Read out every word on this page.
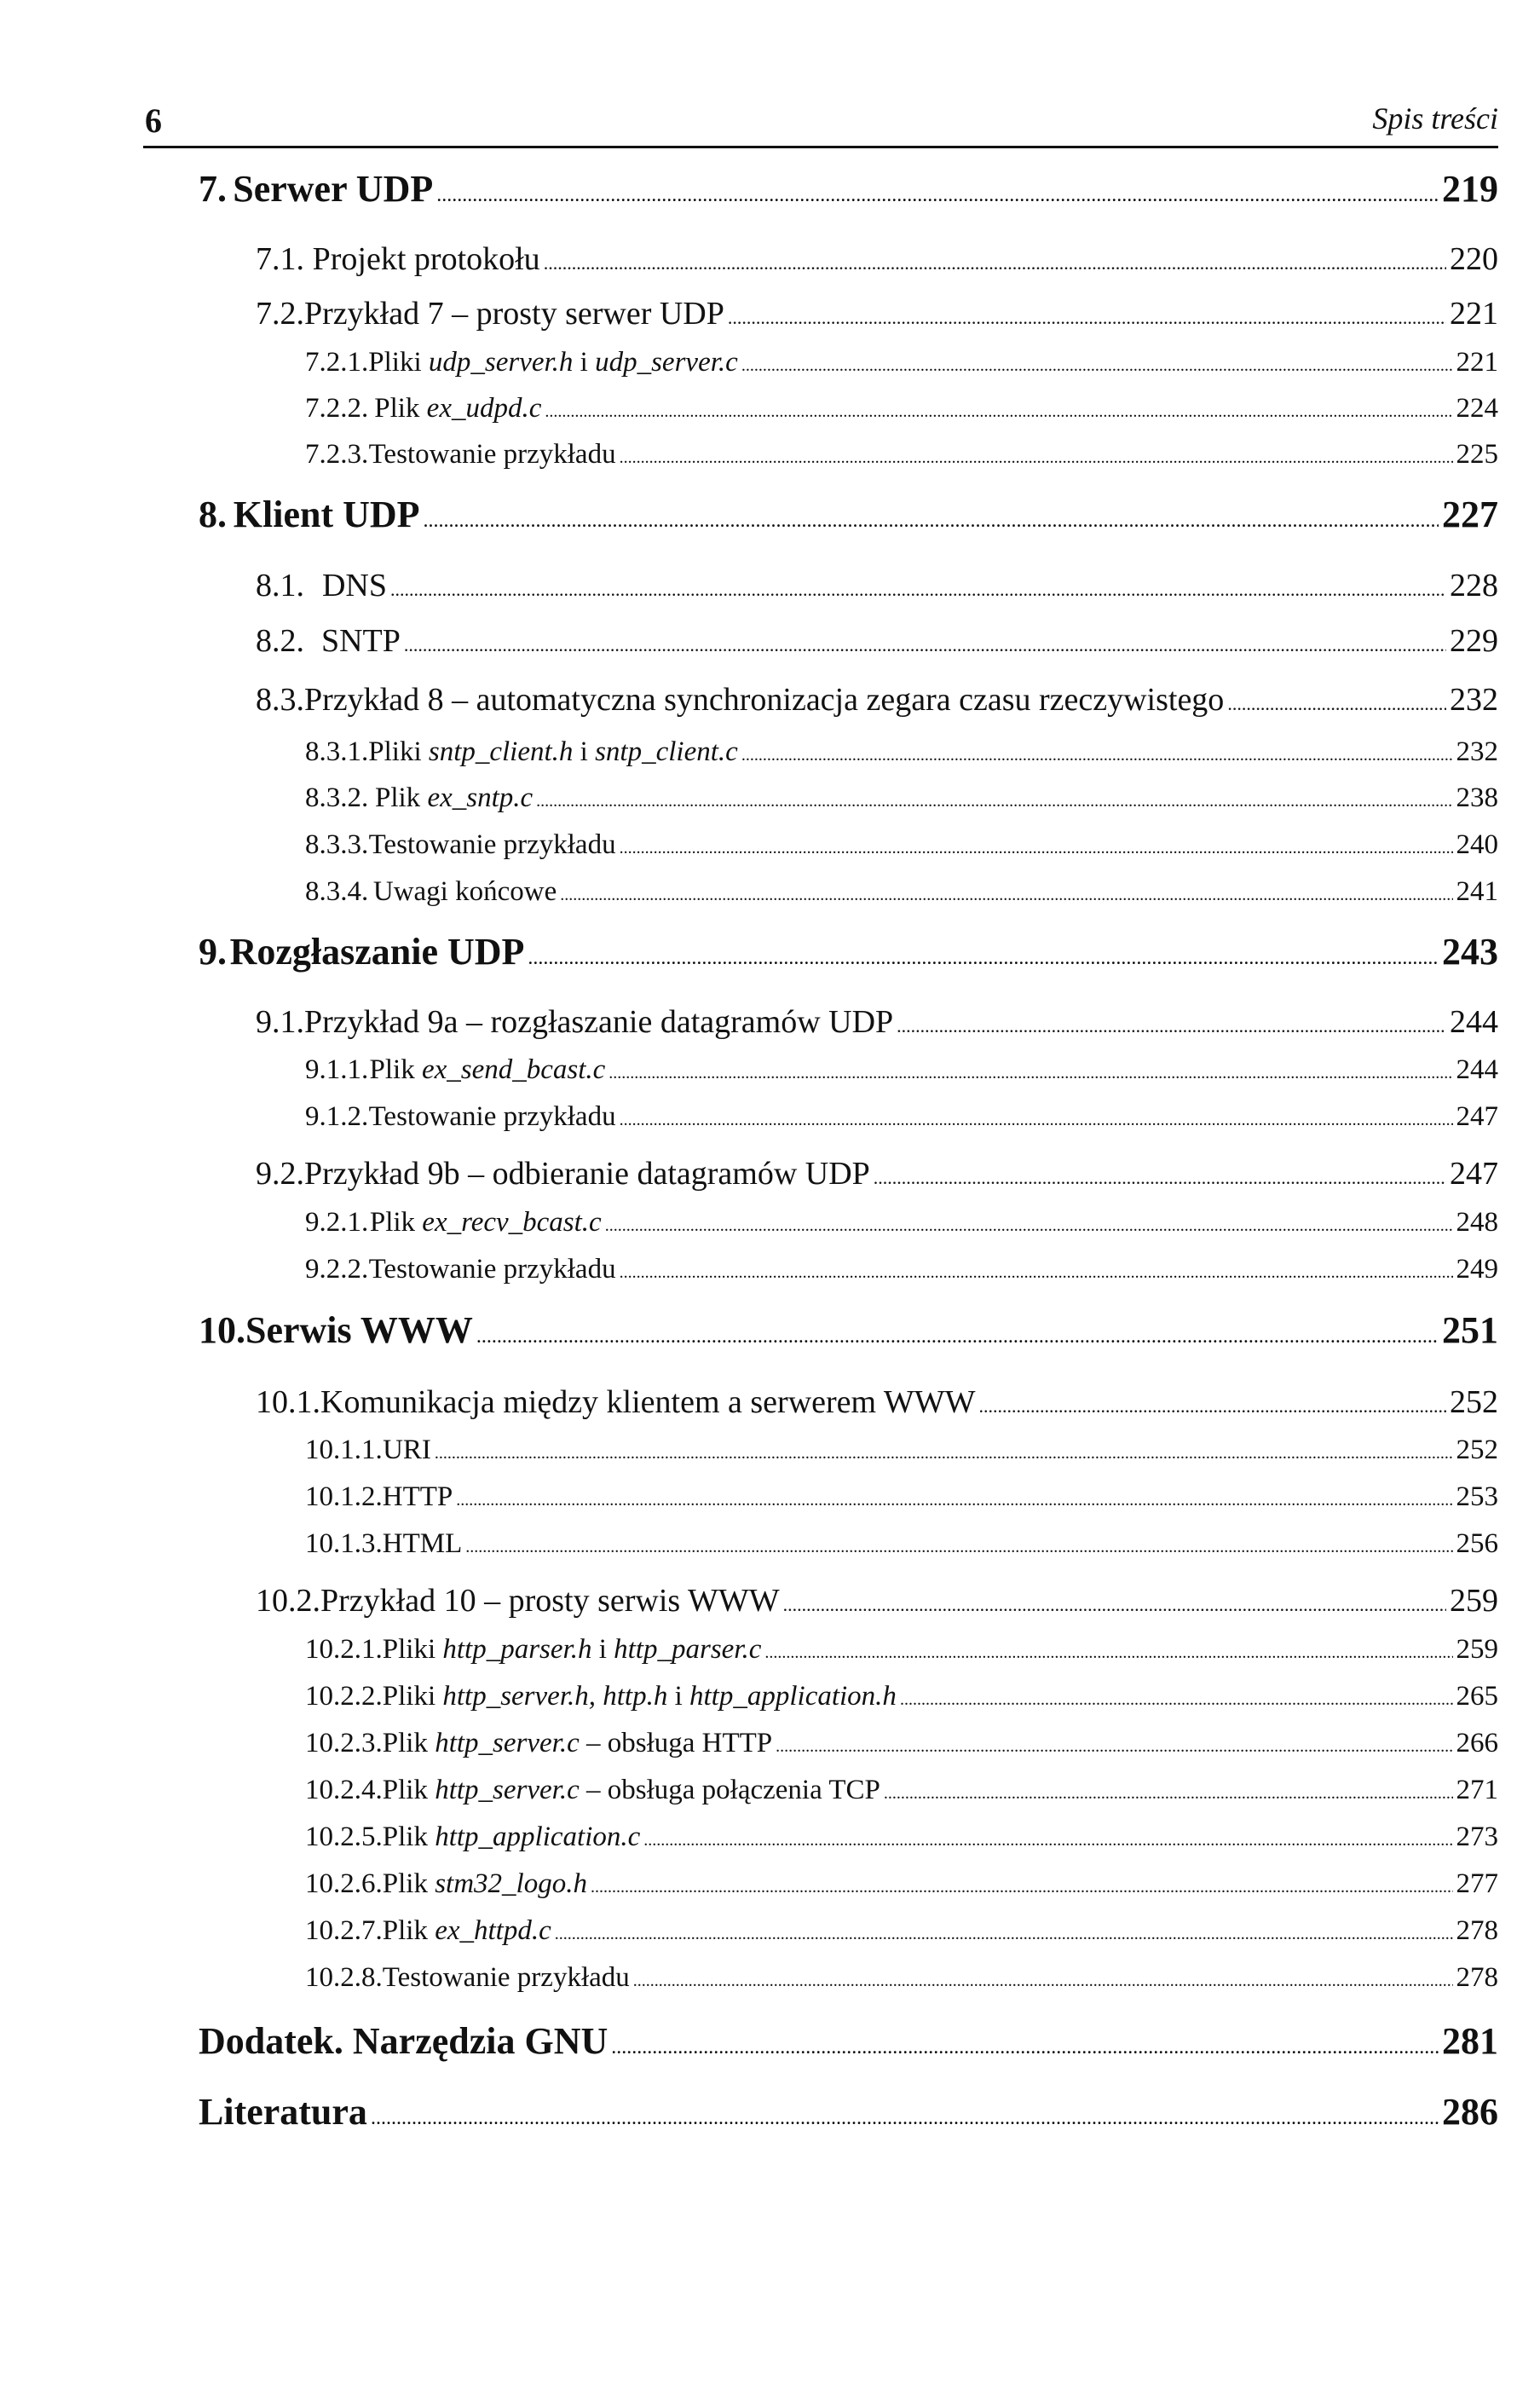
6	Spis treści
7. Serwer UDP .....	219
7.1. Projekt protokołu .....	220
7.2. Przykład 7 – prosty serwer UDP .....	221
7.2.1. Pliki udp_server.h i udp_server.c .....	221
7.2.2. Plik ex_udpd.c .....	224
7.2.3. Testowanie przykładu .....	225
8. Klient UDP .....	227
8.1. DNS .....	228
8.2. SNTP .....	229
8.3. Przykład 8 – automatyczna synchronizacja zegara czasu rzeczywistego .....	232
8.3.1. Pliki sntp_client.h i sntp_client.c .....	232
8.3.2. Plik ex_sntp.c .....	238
8.3.3. Testowanie przykładu .....	240
8.3.4. Uwagi końcowe .....	241
9. Rozgłaszanie UDP .....	243
9.1. Przykład 9a – rozgłaszanie datagramów UDP .....	244
9.1.1. Plik ex_send_bcast.c .....	244
9.1.2. Testowanie przykładu .....	247
9.2. Przykład 9b – odbieranie datagramów UDP .....	247
9.2.1. Plik ex_recv_bcast.c .....	248
9.2.2. Testowanie przykładu .....	249
10. Serwis WWW .....	251
10.1. Komunikacja między klientem a serwerem WWW .....	252
10.1.1. URI .....	252
10.1.2. HTTP .....	253
10.1.3. HTML .....	256
10.2. Przykład 10 – prosty serwis WWW .....	259
10.2.1. Pliki http_parser.h i http_parser.c .....	259
10.2.2. Pliki http_server.h, http.h i http_application.h .....	265
10.2.3. Plik http_server.c – obsługa HTTP .....	266
10.2.4. Plik http_server.c – obsługa połączenia TCP .....	271
10.2.5. Plik http_application.c .....	273
10.2.6. Plik stm32_logo.h .....	277
10.2.7. Plik ex_httpd.c .....	278
10.2.8. Testowanie przykładu .....	278
Dodatek. Narzędzia GNU .....	281
Literatura .....	286
